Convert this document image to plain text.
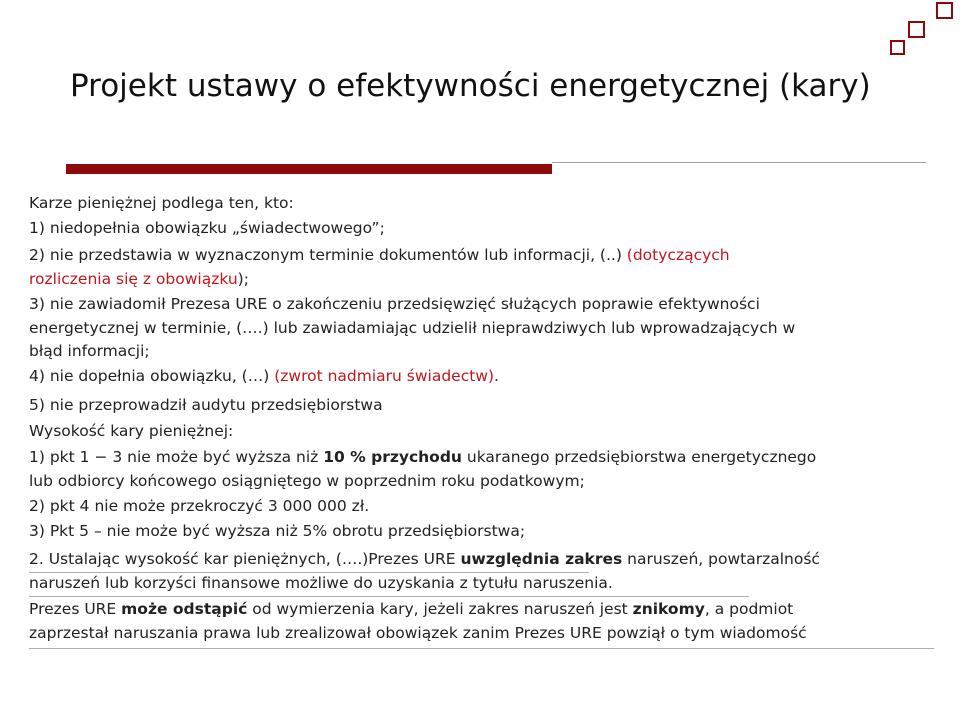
Projekt ustawy o efektywności energetycznej (kary)

Karze pieniężnej podlega ten, kto:

1) niedopełnia obowiązku „świadectwowego”;

2) nie przedstawia w wyznaczonym terminie dokumentów lub informacji, (..) (dotyczących

rozliczenia się z obowiązku);

3) nie zawiadomił Prezesa URE o zakończeniu przedsięwzięć służących poprawie efektywności

energetycznej w terminie, (….) lub zawiadamiając udzielił nieprawdziwych lub wprowadzających w

błąd informacji;

4) nie dopełnia obowiązku, (…) (zwrot nadmiaru świadectw).

5) nie przeprowadził audytu przedsiębiorstwa

Wysokość kary pieniężnej:

1) pkt 1 − 3 nie może być wyższa niż 10 % przychodu ukaranego przedsiębiorstwa energetycznego

lub odbiorcy końcowego osiągniętego w poprzednim roku podatkowym;

2) pkt 4 nie może przekroczyć 3 000 000 zł.

3) Pkt 5 – nie może być wyższa niż 5% obrotu przedsiębiorstwa;

2. Ustalając wysokość kar pieniężnych, (….)Prezes URE uwzględnia zakres naruszeń, powtarzalność

naruszeń lub korzyści finansowe możliwe do uzyskania z tytułu naruszenia.

Prezes URE może odstąpić od wymierzenia kary, jeżeli zakres naruszeń jest znikomy, a podmiot

zaprzestał naruszania prawa lub zrealizował obowiązek zanim Prezes URE powziął o tym wiadomość
